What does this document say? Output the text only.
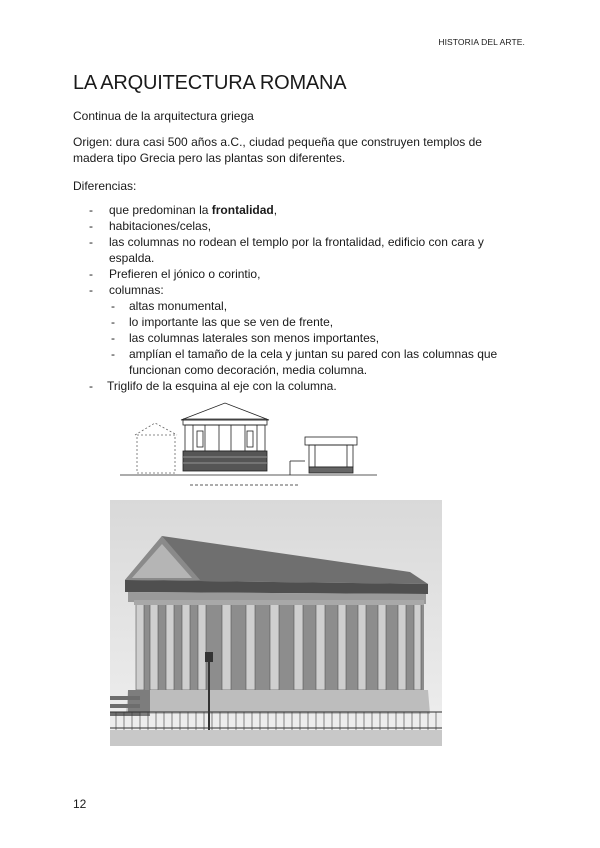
HISTORIA DEL ARTE.
LA ARQUITECTURA ROMANA

Continua de la arquitectura griega

Origen: dura casi 500 años a.C., ciudad pequeña que construyen templos de
madera tipo Grecia pero las plantas son diferentes.

Diferencias:

- que predominan la frontalidad,
- habitaciones/celas,
- las columnas no rodean el templo por la frontalidad, edificio con cara y
espalda.
- Prefieren el jónico o corintio,
- columnas:
- altas monumental,
- lo importante las que se ven de frente,
- las columnas laterales son menos importantes,
- amplían el tamaño de la cela y juntan su pared con las columnas que
funcionan como decoración, media columna.
- Triglifo de la esquina al eje con la columna.
12
